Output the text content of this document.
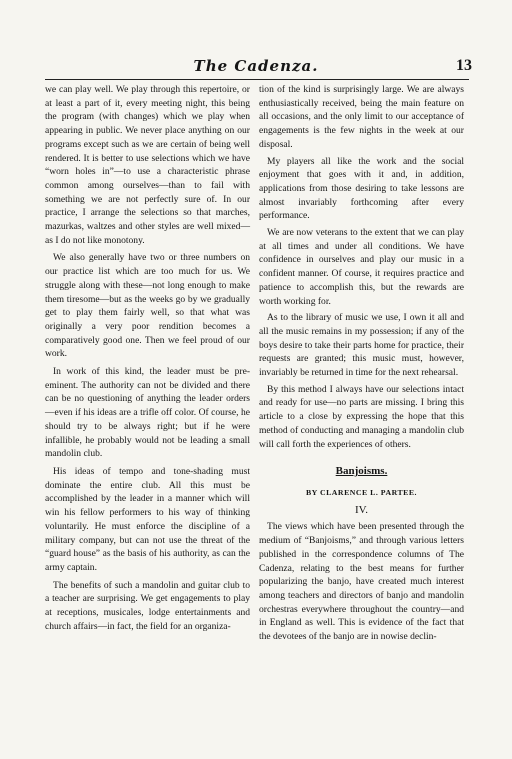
The Cadenza.	13

we can play well. We play through this repertoire, or at least a part of it, every meeting night, this being the program (with changes) which we play when appearing in public. We never place anything on our programs except such as we are certain of being well rendered. It is better to use selections which we have “worn holes in”—to use a characteristic phrase common among ourselves—than to fail with something we are not perfectly sure of. In our practice, I arrange the selections so that marches, mazurkas, waltzes and other styles are well mixed—as I do not like monotony.

We also generally have two or three numbers on our practice list which are too much for us. We struggle along with these—not long enough to make them tiresome—but as the weeks go by we gradually get to play them fairly well, so that what was originally a very poor rendition becomes a comparatively good one. Then we feel proud of our work.

In work of this kind, the leader must be pre-eminent. The authority can not be divided and there can be no questioning of anything the leader orders—even if his ideas are a trifle off color. Of course, he should try to be always right; but if he were infallible, he probably would not be leading a small mandolin club.

His ideas of tempo and tone-shading must dominate the entire club. All this must be accomplished by the leader in a manner which will win his fellow performers to his way of thinking voluntarily. He must enforce the discipline of a military company, but can not use the threat of the “guard house” as the basis of his authority, as can the army captain.

The benefits of such a mandolin and guitar club to a teacher are surprising. We get engagements to play at receptions, musicales, lodge entertainments and church affairs—in fact, the field for an organiza-

tion of the kind is surprisingly large. We are always enthusiastically received, being the main feature on all occasions, and the only limit to our acceptance of engagements is the few nights in the week at our disposal.

My players all like the work and the social enjoyment that goes with it and, in addition, applications from those desiring to take lessons are almost invariably forthcoming after every performance.

We are now veterans to the extent that we can play at all times and under all conditions. We have confidence in ourselves and play our music in a confident manner. Of course, it requires practice and patience to accomplish this, but the rewards are worth working for.

As to the library of music we use, I own it all and all the music remains in my possession; if any of the boys desire to take their parts home for practice, their requests are granted; this music must, however, invariably be returned in time for the next rehearsal.

By this method I always have our selections intact and ready for use—no parts are missing. I bring this article to a close by expressing the hope that this method of conducting and managing a mandolin club will call forth the experiences of others.

Banjoisms.
BY CLARENCE L. PARTEE.
IV.

The views which have been presented through the medium of “Banjoisms,” and through various letters published in the correspondence columns of The Cadenza, relating to the best means for further popularizing the banjo, have created much interest among teachers and directors of banjo and mandolin orchestras everywhere throughout the country—and in England as well. This is evidence of the fact that the devotees of the banjo are in nowise declin-
